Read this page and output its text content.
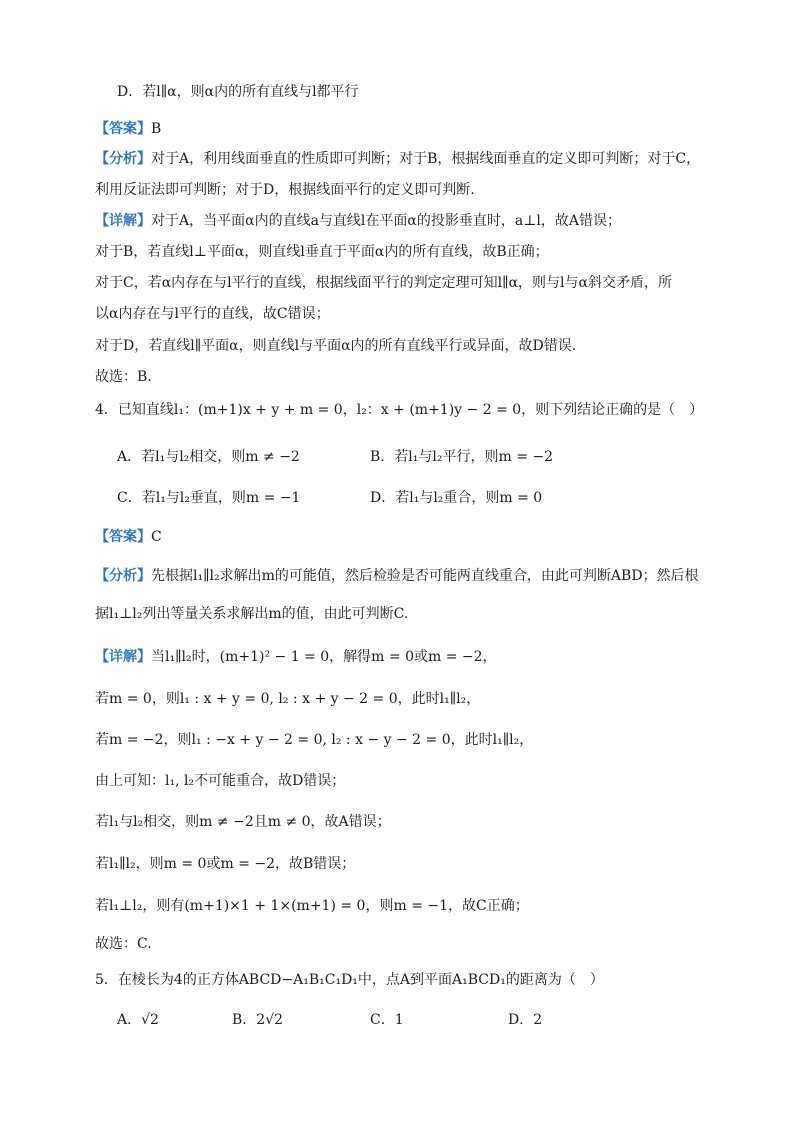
D．若l∥α，则α内的所有直线与l都平行
【答案】B
【分析】对于A，利用线面垂直的性质即可判断；对于B，根据线面垂直的定义即可判断；对于C，
利用反证法即可判断；对于D，根据线面平行的定义即可判断.
【详解】对于A，当平面α内的直线a与直线l在平面α的投影垂直时，a⊥l，故A错误；
对于B，若直线l⊥平面α，则直线l垂直于平面α内的所有直线，故B正确；
对于C，若α内存在与l平行的直线，根据线面平行的判定定理可知l∥α，则与l与α斜交矛盾，所
以α内存在与l平行的直线，故C错误；
对于D，若直线l∥平面α，则直线l与平面α内的所有直线平行或异面，故D错误.
故选：B.
4．已知直线l₁：(m+1)x + y + m = 0，l₂：x + (m+1)y − 2 = 0，则下列结论正确的是（　）
A．若l₁与l₂相交，则m ≠ −2	B．若l₁与l₂平行，则m = −2
C．若l₁与l₂垂直，则m = −1	D．若l₁与l₂重合，则m = 0
【答案】C
【分析】先根据l₁∥l₂求解出m的可能值，然后检验是否可能两直线重合，由此可判断ABD；然后根
据l₁⊥l₂列出等量关系求解出m的值，由此可判断C.
【详解】当l₁∥l₂时，(m+1)² − 1 = 0，解得m = 0或m = −2，
若m = 0，则l₁ : x + y = 0, l₂ : x + y − 2 = 0，此时l₁∥l₂，
若m = −2，则l₁ : −x + y − 2 = 0, l₂ : x − y − 2 = 0，此时l₁∥l₂，
由上可知：l₁, l₂不可能重合，故D错误；
若l₁与l₂相交，则m ≠ −2且m ≠ 0，故A错误；
若l₁∥l₂，则m = 0或m = −2，故B错误；
若l₁⊥l₂，则有(m+1)×1 + 1×(m+1) = 0，则m = −1，故C正确；
故选：C.
5．在棱长为4的正方体ABCD−A₁B₁C₁D₁中，点A到平面A₁BCD₁的距离为（　）
A．√2	B．2√2	C．1	D．2
